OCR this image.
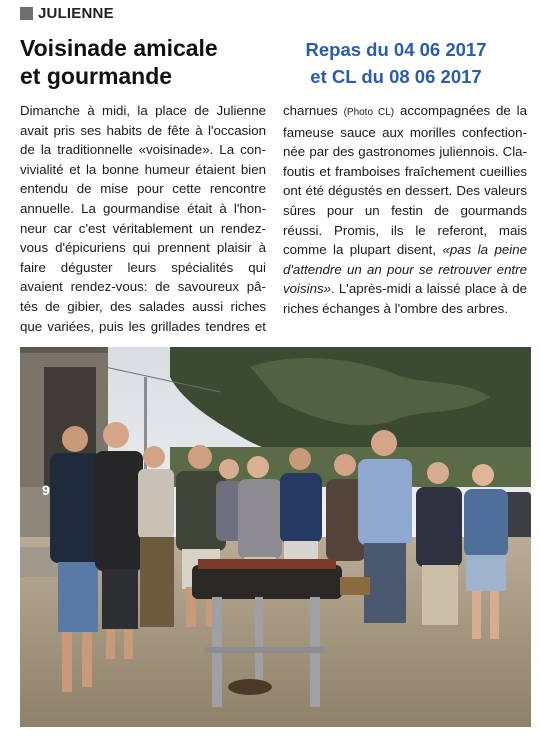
JULIENNE
Voisinade amicale
et gourmande
Repas du 04 06 2017
et CL du 08 06 2017
Dimanche à midi, la place de Julienne
avait pris ses habits de fête à l'occasion
de la traditionnelle «voisinade». La con-
vivialité et la bonne humeur étaient bien
entendu de mise pour cette rencontre
annuelle. La gourmandise était à l'hon-
neur car c'est véritablement un rendez-
vous d'épicuriens qui prennent plaisir à
faire déguster leurs spécialités qui
avaient rendez-vous: de savoureux pâ-
tés de gibier, des salades aussi riches
que variées, puis les grillades tendres et
charnues (Photo CL) accompagnées de la
fameuse sauce aux morilles confection-
née par des gastronomes juliennois. Cla-
foutis et framboises fraîchement cueillies
ont été dégustés en dessert. Des valeurs
sûres pour un festin de gourmands
réussi. Promis, ils le referont, mais
comme la plupart disent, «pas la peine
d'attendre un an pour se retrouver entre
voisins». L'après-midi a laissé place à de
riches échanges à l'ombre des arbres.
9
